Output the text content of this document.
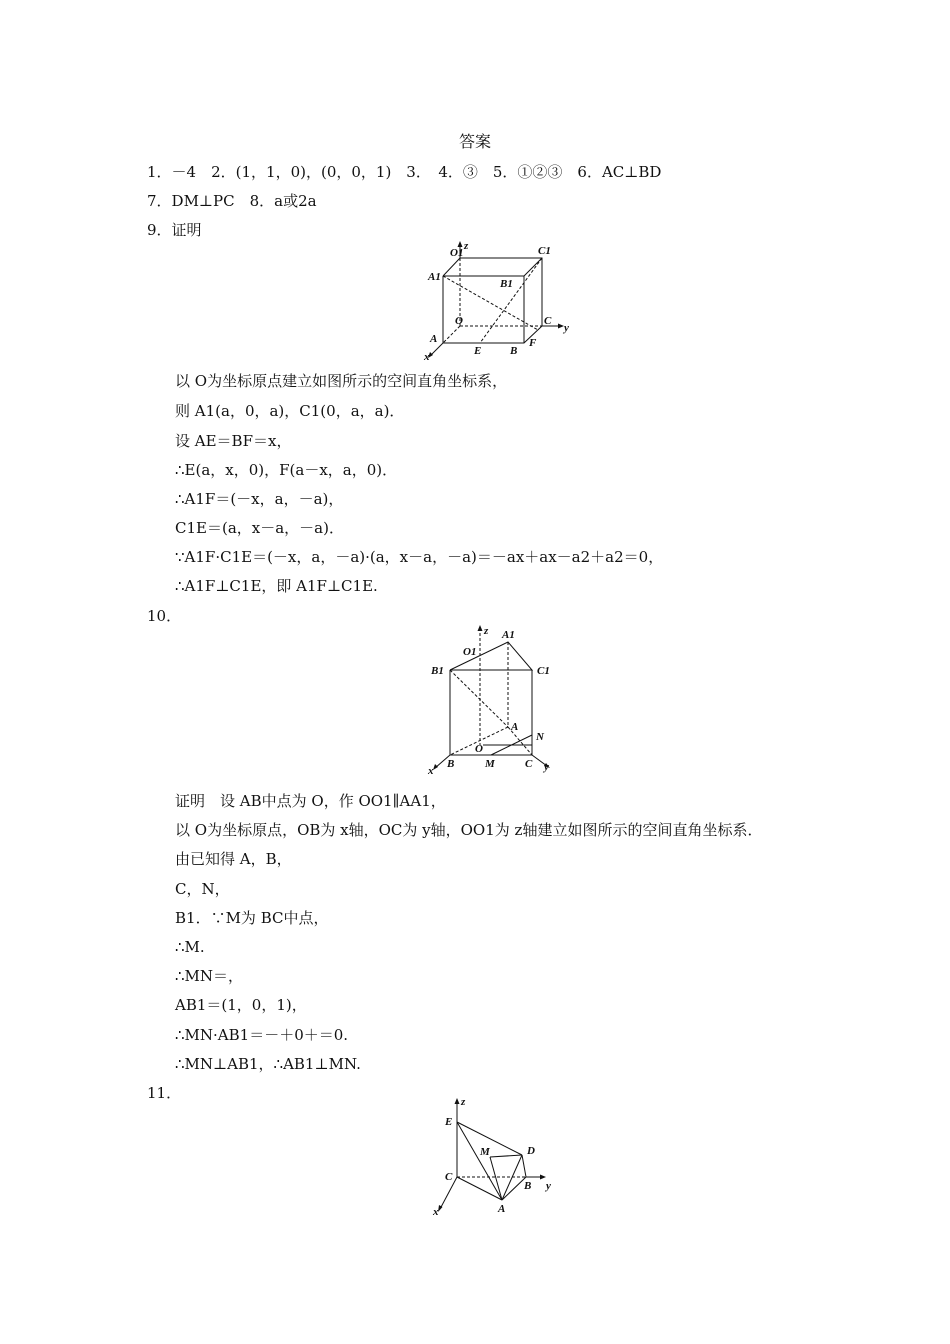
答案
1．－4　2．(1，1，0)，(0，0，1)　3．　4．③　5．①②③　6．AC⊥BD
7．DM⊥PC　8．a或2a
9．证明
O1
z	C1
A1
B1
O	C
y
A
E	B
F
x
以 O为坐标原点建立如图所示的空间直角坐标系，
则 A1(a，0，a)，C1(0，a，a)．
设 AE＝BF＝x，
∴E(a，x，0)，F(a－x，a，0)．
∴A1F＝(－x，a，－a)，
C1E＝(a，x－a，－a)．
∵A1F·C1E＝(－x，a，－a)·(a，x－a，－a)＝－ax＋ax－a2＋a2＝0，
∴A1F⊥C1E，即 A1F⊥C1E.
10．
z A1
O1
B1	C1
A
O
N
x
B	M	C y
证明　设 AB中点为 O，作 OO1∥AA1，
以 O为坐标原点，OB为 x轴，OC为 y轴，OO1为 z轴建立如图所示的空间直角坐标系．
由已知得 A，B，
C，N，
B1．∵M为 BC中点，
∴M.
∴MN＝，
AB1＝(1，0，1)，
∴MN·AB1＝－＋0＋＝0.
∴MN⊥AB1，∴AB1⊥MN.
11．	z
E
M	D
C
B y
A
x
